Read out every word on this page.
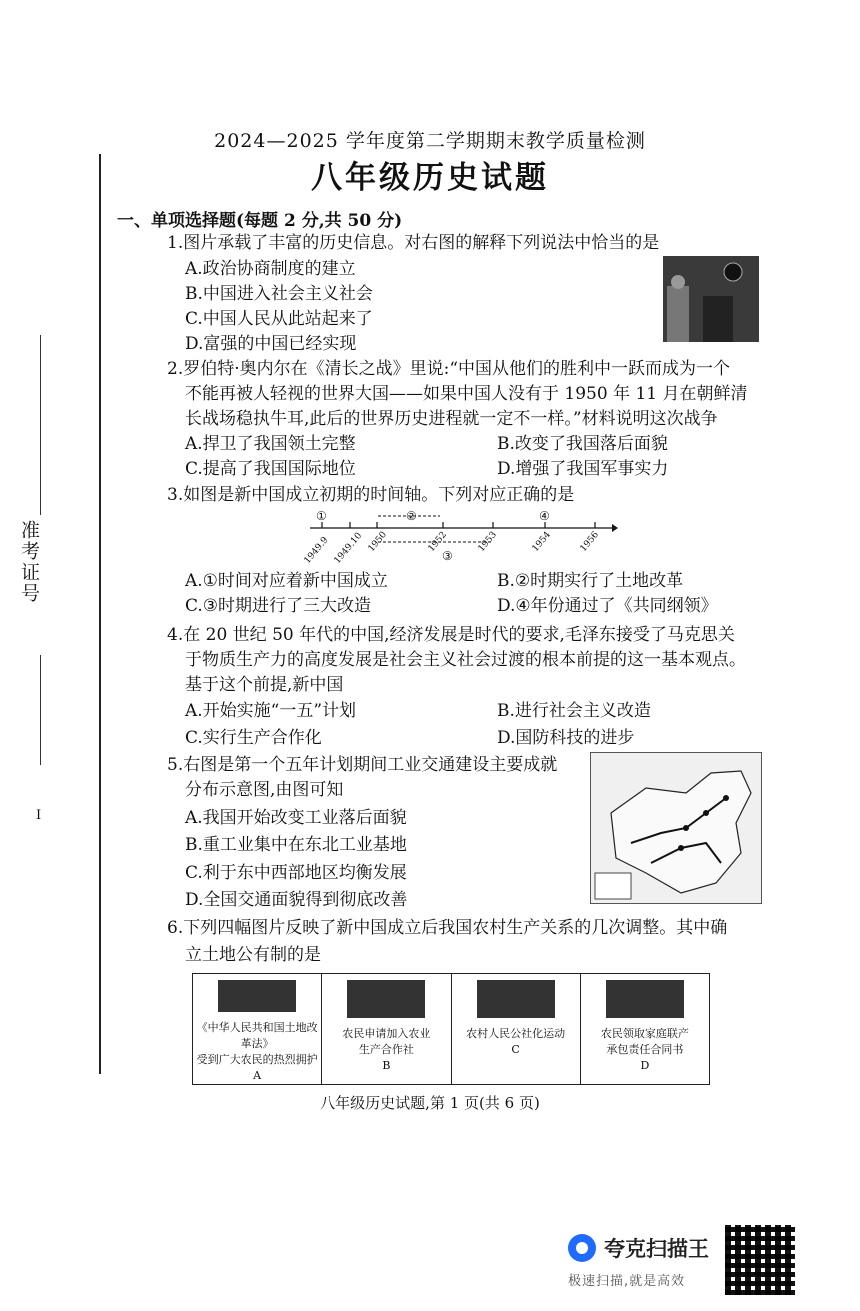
2024—2025 学年度第二学期期末教学质量检测
八年级历史试题
准考证号
I
一、单项选择题(每题 2 分,共 50 分)
1.图片承载了丰富的历史信息。对右图的解释下列说法中恰当的是
A.政治协商制度的建立
B.中国进入社会主义社会
C.中国人民从此站起来了
D.富强的中国已经实现
2.罗伯特·奥内尔在《清长之战》里说:“中国从他们的胜利中一跃而成为一个
不能再被人轻视的世界大国——如果中国人没有于 1950 年 11 月在朝鲜清
长战场稳执牛耳,此后的世界历史进程就一定不一样。”材料说明这次战争
A.捍卫了我国领土完整	B.改变了我国落后面貌
C.提高了我国国际地位	D.增强了我国军事实力
3.如图是新中国成立初期的时间轴。下列对应正确的是
①	②
③
④
1949.9 1949.10 1950	1952	1953	1954	1956
A.①时间对应着新中国成立	B.②时期实行了土地改革
C.③时期进行了三大改造	D.④年份通过了《共同纲领》
4.在 20 世纪 50 年代的中国,经济发展是时代的要求,毛泽东接受了马克思关
于物质生产力的高度发展是社会主义社会过渡的根本前提的这一基本观点。
基于这个前提,新中国
A.开始实施“一五”计划	B.进行社会主义改造
C.实行生产合作化	D.国防科技的进步
5.右图是第一个五年计划期间工业交通建设主要成就
分布示意图,由图可知
A.我国开始改变工业落后面貌
B.重工业集中在东北工业基地
C.利于东中西部地区均衡发展
D.全国交通面貌得到彻底改善
6.下列四幅图片反映了新中国成立后我国农村生产关系的几次调整。其中确
立土地公有制的是
《中华人民共和国土地改革法》
受到广大农民的热烈拥护
A
农民申请加入农业
生产合作社
B
农村人民公社化运动
C
农民领取家庭联产
承包责任合同书
D
八年级历史试题,第 1 页(共 6 页)
夸克扫描王
极速扫描,就是高效
